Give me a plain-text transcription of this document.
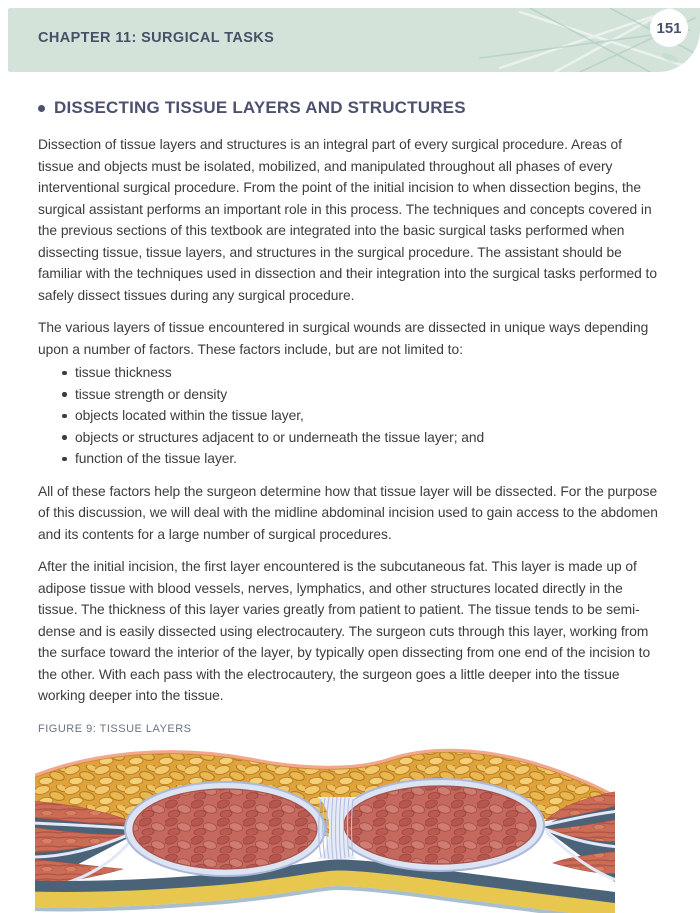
CHAPTER 11: SURGICAL TASKS
151
DISSECTING TISSUE LAYERS AND STRUCTURES

Dissection of tissue layers and structures is an integral part of every surgical procedure. Areas of tissue and objects must be isolated, mobilized, and manipulated throughout all phases of every interventional surgical procedure. From the point of the initial incision to when dissection begins, the surgical assistant performs an important role in this process. The techniques and concepts covered in the previous sections of this textbook are integrated into the basic surgical tasks performed when dissecting tissue, tissue layers, and structures in the surgical procedure. The assistant should be familiar with the techniques used in dissection and their integration into the surgical tasks performed to safely dissect tissues during any surgical procedure.

The various layers of tissue encountered in surgical wounds are dissected in unique ways depending upon a number of factors. These factors include, but are not limited to:

tissue thickness
tissue strength or density
objects located within the tissue layer,
objects or structures adjacent to or underneath the tissue layer; and
function of the tissue layer.

All of these factors help the surgeon determine how that tissue layer will be dissected. For the purpose of this discussion, we will deal with the midline abdominal incision used to gain access to the abdomen and its contents for a large number of surgical procedures.

After the initial incision, the first layer encountered is the subcutaneous fat. This layer is made up of adipose tissue with blood vessels, nerves, lymphatics, and other structures located directly in the tissue. The thickness of this layer varies greatly from patient to patient. The tissue tends to be semi-dense and is easily dissected using electrocautery. The surgeon cuts through this layer, working from the surface toward the interior of the layer, by typically open dissecting from one end of the incision to the other. With each pass with the electrocautery, the surgeon goes a little deeper into the tissue working deeper into the tissue.

FIGURE 9: TISSUE LAYERS
